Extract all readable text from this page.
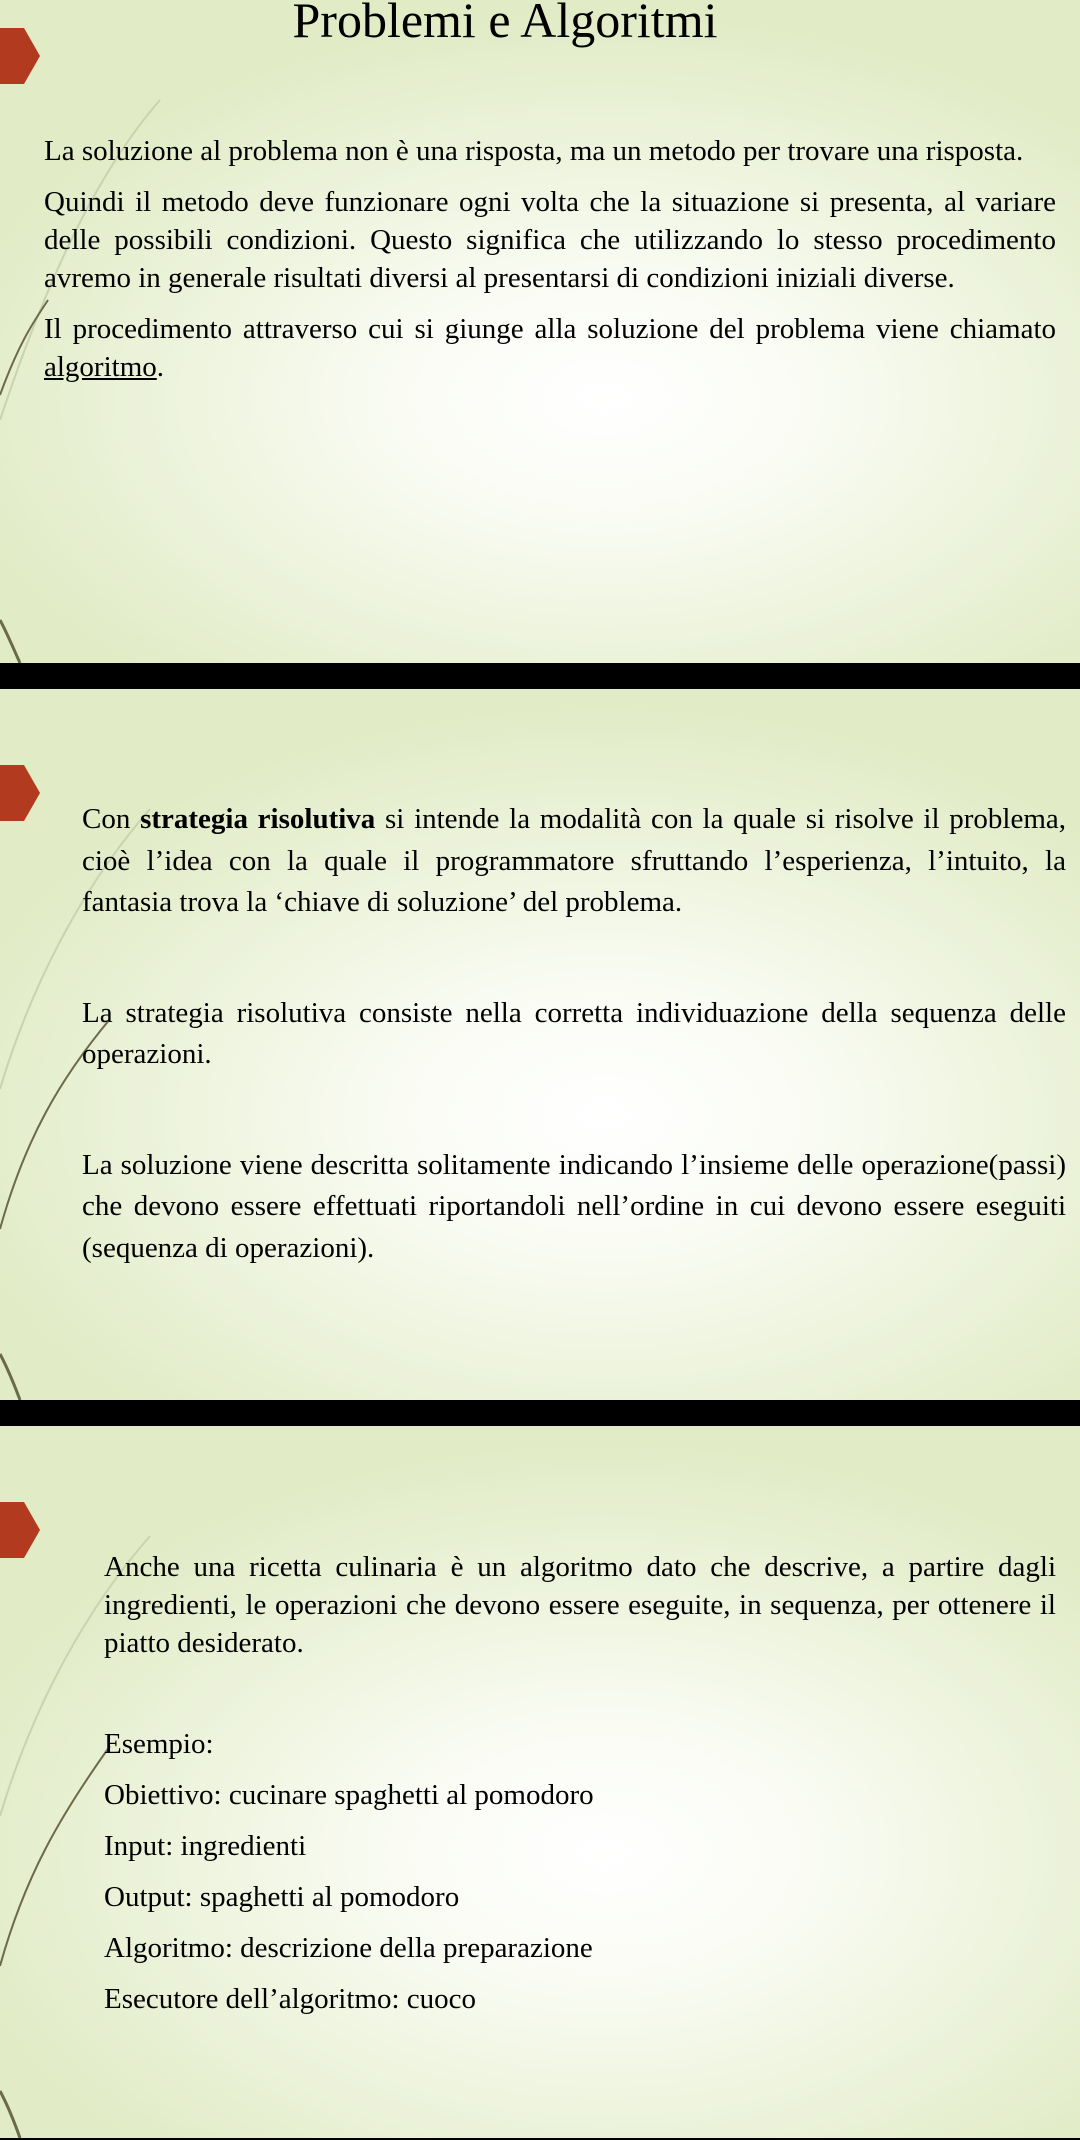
Problemi e Algoritmi

La soluzione al problema non è una risposta, ma un metodo per trovare una risposta.

Quindi il metodo deve funzionare ogni volta che la situazione si presenta, al variare delle possibili condizioni. Questo significa che utilizzando lo stesso procedimento avremo in generale risultati diversi al presentarsi di condizioni iniziali diverse.

Il procedimento attraverso cui si giunge alla soluzione del problema viene chiamato algoritmo.

Con strategia risolutiva si intende la modalità con la quale si risolve il problema, cioè l’idea con la quale il programmatore sfruttando l’esperienza, l’intuito, la fantasia trova la ‘chiave di soluzione’ del problema.

La strategia risolutiva consiste nella corretta individuazione della sequenza delle operazioni.

La soluzione viene descritta solitamente indicando l’insieme delle operazione(passi) che devono essere effettuati riportandoli nell’ordine in cui devono essere eseguiti (sequenza di operazioni).

Anche una ricetta culinaria è un algoritmo dato che descrive, a partire dagli ingredienti, le operazioni che devono essere eseguite, in sequenza, per ottenere il piatto desiderato.

Esempio:

Obiettivo: cucinare spaghetti al pomodoro

Input: ingredienti

Output: spaghetti al pomodoro

Algoritmo: descrizione della preparazione

Esecutore dell’algoritmo: cuoco
